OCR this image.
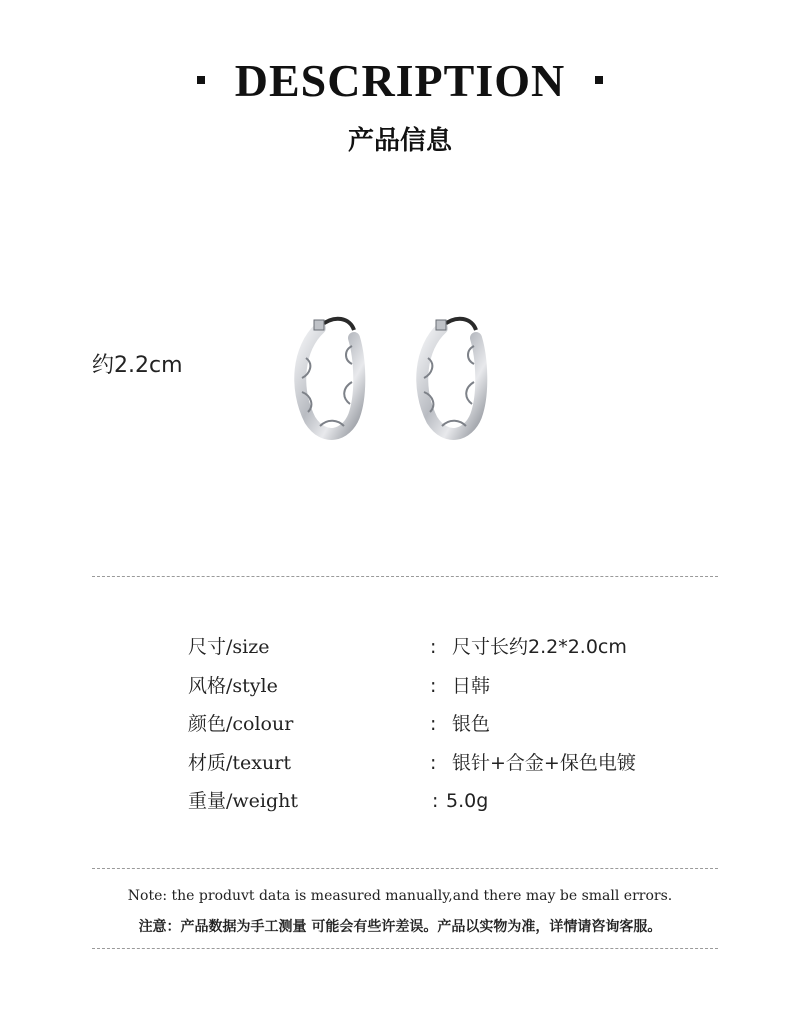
DESCRIPTION
产品信息
约2.2cm
尺寸/size	: 尺寸长约2.2*2.0cm
风格/style	: 日韩
颜色/colour	: 银色
材质/texurt	: 银针+合金+保色电镀
重量/weight	: 5.0g
Note: the produvt data is measured manually,and there may be small errors.
注意：产品数据为手工测量 可能会有些许差误。产品以实物为准，详情请咨询客服。
